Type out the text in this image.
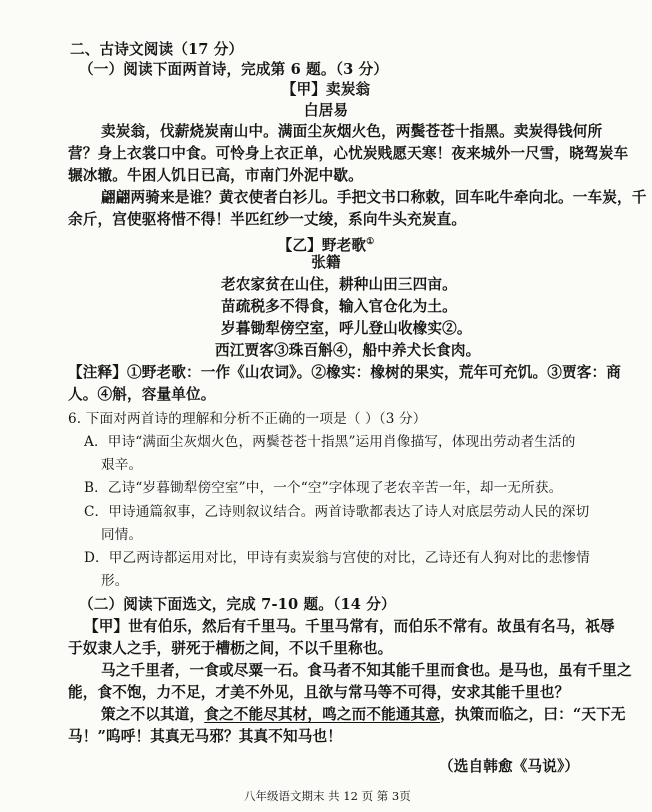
二、古诗文阅读（17 分）
（一）阅读下面两首诗，完成第 6 题。（3 分）
【甲】卖炭翁
白居易
卖炭翁，伐薪烧炭南山中。满面尘灰烟火色，两鬓苍苍十指黑。卖炭得钱何所
营？身上衣裳口中食。可怜身上衣正单，心忧炭贱愿天寒！夜来城外一尺雪，晓驾炭车
辗冰辙。牛困人饥日已高，市南门外泥中歇。
翩翩两骑来是谁？黄衣使者白衫儿。手把文书口称敕，回车叱牛牵向北。一车炭，千
余斤，宫使驱将惜不得！半匹红纱一丈绫，系向牛头充炭直。
【乙】野老歌①
张籍
老农家贫在山住，耕种山田三四亩。
苗疏税多不得食，输入官仓化为土。
岁暮锄犁傍空室，呼儿登山收橡实②。
西江贾客③珠百斛④，船中养犬长食肉。
【注释】①野老歌：一作《山农词》。②橡实：橡树的果实，荒年可充饥。③贾客：商
人。④斛，容量单位。
6. 下面对两首诗的理解和分析不正确的一项是（ ）（3 分）
A．甲诗“满面尘灰烟火色，两鬓苍苍十指黑”运用肖像描写，体现出劳动者生活的
艰辛。
B．乙诗“岁暮锄犁傍空室”中，一个“空”字体现了老农辛苦一年，却一无所获。
C．甲诗通篇叙事，乙诗则叙议结合。两首诗歌都表达了诗人对底层劳动人民的深切
同情。
D．甲乙两诗都运用对比，甲诗有卖炭翁与宫使的对比，乙诗还有人狗对比的悲惨情
形。
（二）阅读下面选文，完成 7-10 题。（14 分）
【甲】世有伯乐，然后有千里马。千里马常有，而伯乐不常有。故虽有名马，祇辱
于奴隶人之手，骈死于槽枥之间，不以千里称也。
马之千里者，一食或尽粟一石。食马者不知其能千里而食也。是马也，虽有千里之
能，食不饱，力不足，才美不外见，且欲与常马等不可得，安求其能千里也？
策之不以其道，食之不能尽其材，鸣之而不能通其意，执策而临之，曰：“天下无
马！”呜呼！其真无马邪？其真不知马也！
（选自韩愈《马说》）
八年级语文期末 共 12 页 第 3页
